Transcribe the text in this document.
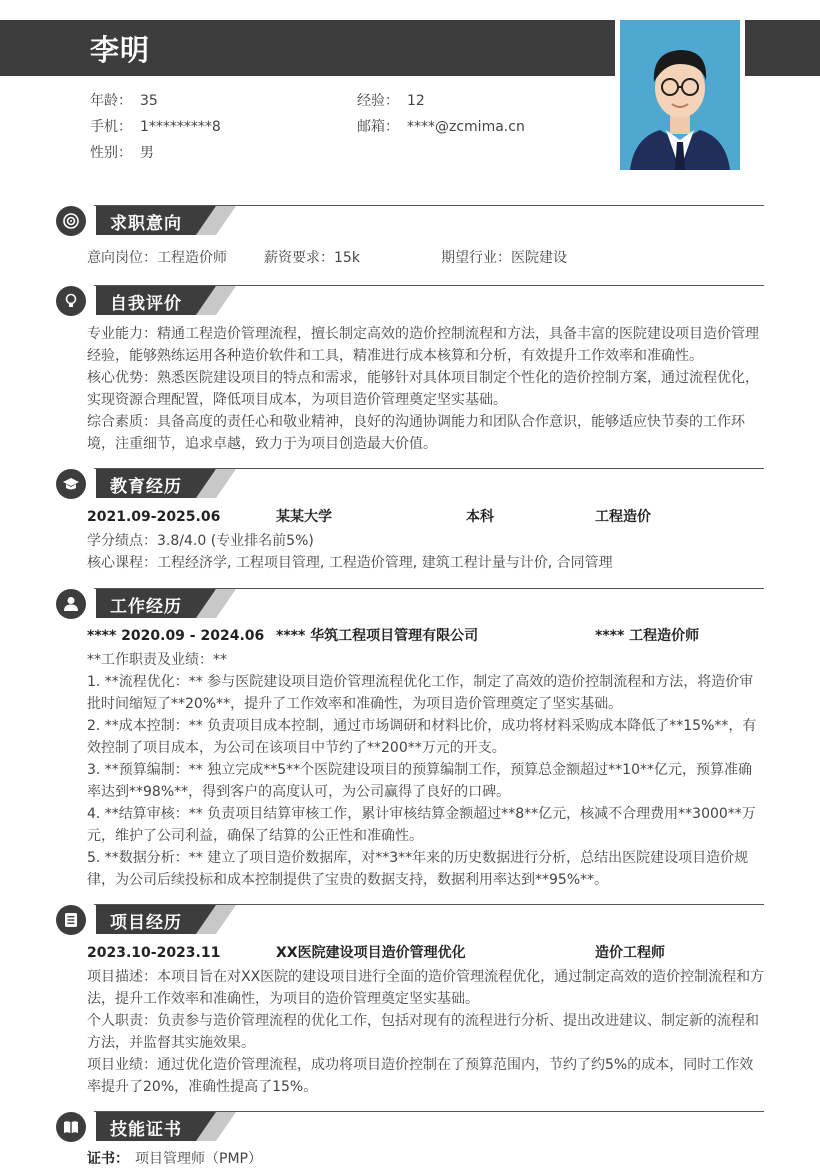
李明
年龄： 35	经验： 12
手机： 1*********8	邮箱： ****@zcmima.cn
性别： 男
求职意向
意向岗位：工程造价师	薪资要求：15k	期望行业：医院建设
自我评价

专业能力：精通工程造价管理流程，擅长制定高效的造价控制流程和方法，具备丰富的医院建设项目造价管理经验，能够熟练运用各种造价软件和工具，精准进行成本核算和分析，有效提升工作效率和准确性。

核心优势：熟悉医院建设项目的特点和需求，能够针对具体项目制定个性化的造价控制方案，通过流程优化，实现资源合理配置，降低项目成本，为项目造价管理奠定坚实基础。

综合素质：具备高度的责任心和敬业精神，良好的沟通协调能力和团队合作意识，能够适应快节奏的工作环境，注重细节，追求卓越，致力于为项目创造最大价值。

教育经历
2021.09-2025.06	某某大学	本科	工程造价
学分绩点：3.8/4.0 (专业排名前5%)
核心课程：工程经济学, 工程项目管理, 工程造价管理, 建筑工程计量与计价, 合同管理
工作经历
**** 2020.09 - 2024.06 **** 华筑工程项目管理有限公司	**** 工程造价师

**工作职责及业绩：**

1. **流程优化：** 参与医院建设项目造价管理流程优化工作，制定了高效的造价控制流程和方法，将造价审批时间缩短了**20%**，提升了工作效率和准确性，为项目造价管理奠定了坚实基础。

2. **成本控制：** 负责项目成本控制，通过市场调研和材料比价，成功将材料采购成本降低了**15%**，有效控制了项目成本，为公司在该项目中节约了**200**万元的开支。

3. **预算编制：** 独立完成**5**个医院建设项目的预算编制工作，预算总金额超过**10**亿元，预算准确率达到**98%**，得到客户的高度认可，为公司赢得了良好的口碑。

4. **结算审核：** 负责项目结算审核工作，累计审核结算金额超过**8**亿元，核减不合理费用**3000**万元，维护了公司利益，确保了结算的公正性和准确性。

5. **数据分析：** 建立了项目造价数据库，对**3**年来的历史数据进行分析，总结出医院建设项目造价规律，为公司后续投标和成本控制提供了宝贵的数据支持，数据利用率达到**95%**。

项目经历
2023.10-2023.11	XX医院建设项目造价管理优化	造价工程师

项目描述：本项目旨在对XX医院的建设项目进行全面的造价管理流程优化，通过制定高效的造价控制流程和方法，提升工作效率和准确性，为项目的造价管理奠定坚实基础。

个人职责：负责参与造价管理流程的优化工作，包括对现有的流程进行分析、提出改进建议、制定新的流程和方法，并监督其实施效果。

项目业绩：通过优化造价管理流程，成功将项目造价控制在了预算范围内，节约了约5%的成本，同时工作效率提升了20%，准确性提高了15%。

技能证书
证书： 项目管理师（PMP）
